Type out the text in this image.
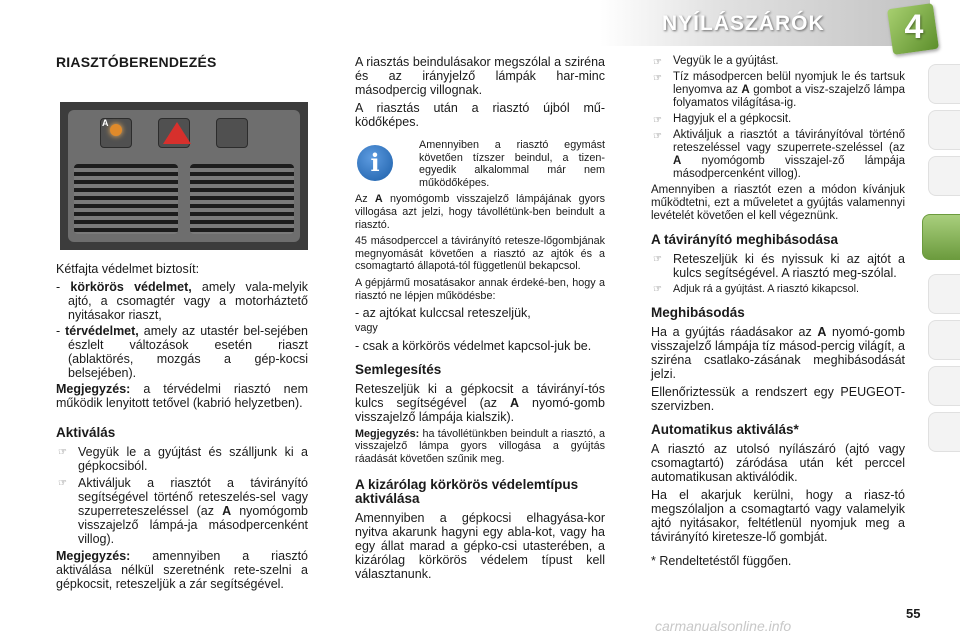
NYÍLÁSZÁRÓK 4
RIASZTÓBERENDEZÉS
A

Kétfajta védelmet biztosít:

- körkörös védelmet, amely vala-melyik ajtó, a csomagtér vagy a motorháztető nyitásakor riaszt,

- térvédelmet, amely az utastér bel-sejében észlelt változások esetén riaszt (ablaktörés, mozgás a gép-kocsi belsejében).

Megjegyzés: a térvédelmi riasztó nem működik lenyitott tetővel (kabrió helyzetben).

Aktiválás
☞ Vegyük le a gyújtást és szálljunk ki a gépkocsiból.
☞ Aktiváljuk a riasztót a távirányító segítségével történő reteszelés-sel vagy szuperreteszeléssel (az A nyomógomb visszajelző lámpá-ja másodpercenként villog).

Megjegyzés: amennyiben a riasztó aktiválása nélkül szeretnénk rete-szelni a gépkocsit, reteszeljük a zár segítségével.

A riasztás beindulásakor megszólal a sziréna és az irányjelző lámpák har-minc másodpercig villognak.

A riasztás után a riasztó újból mű-ködőképes.

i

Amennyiben a riasztó egymást követően tízszer beindul, a tizen-egyedik alkalommal már nem működőképes.

Az A nyomógomb visszajelző lámpájának gyors villogása azt jelzi, hogy távollétünk-ben beindult a riasztó.

45 másodperccel a távirányító retesze-lőgombjának megnyomását követően a riasztó az ajtók és a csomagtartó állapotá-tól függetlenül bekapcsol.

A gépjármű mosatásakor annak érdeké-ben, hogy a riasztó ne lépjen működésbe:

- az ajtókat kulccsal reteszeljük,

vagy

- csak a körkörös védelmet kapcsol-juk be.

Semlegesítés

Reteszeljük ki a gépkocsit a távirányí-tós kulcs segítségével (az A nyomó-gomb visszajelző lámpája kialszik).

Megjegyzés: ha távollétünkben beindult a riasztó, a visszajelző lámpa gyors villogása a gyújtás ráadását követően szűnik meg.

A kizárólag körkörös védelemtípus aktiválása

Amennyiben a gépkocsi elhagyása-kor nyitva akarunk hagyni egy abla-kot, vagy ha egy állat marad a gépko-csi utasterében, a kizárólag körkörös védelem típust kell választanunk.

☞ Vegyük le a gyújtást.
☞ Tíz másodpercen belül nyomjuk le és tartsuk lenyomva az A gombot a visz-szajelző lámpa folyamatos világítása-ig.
☞ Hagyjuk el a gépkocsit.
☞ Aktiváljuk a riasztót a távirányítóval történő reteszeléssel vagy szuperrete-szeléssel (az A nyomógomb visszajel-ző lámpája másodpercenként villog).

Amennyiben a riasztót ezen a módon kívánjuk működtetni, ezt a műveletet a gyújtás valamennyi levételét követően el kell végeznünk.

A távirányító meghibásodása
☞ Reteszeljük ki és nyissuk ki az ajtót a kulcs segítségével. A riasztó meg-szólal.
☞ Adjuk rá a gyújtást. A riasztó kikapcsol.
Meghibásodás

Ha a gyújtás ráadásakor az A nyomó-gomb visszajelző lámpája tíz másod-percig világít, a sziréna csatlako-zásának meghibásodását jelzi.

Ellenőriztessük a rendszert egy PEUGEOT-szervizben.

Automatikus aktiválás*

A riasztó az utolsó nyílászáró (ajtó vagy csomagtartó) záródása után két perccel automatikusan aktiválódik.

Ha el akarjuk kerülni, hogy a riasz-tó megszólaljon a csomagtartó vagy valamelyik ajtó nyitásakor, feltétlenül nyomjuk meg a távirányító kiretesze-lő gombját.

* Rendeltetéstől függően.

carmanualsonline.info
55
